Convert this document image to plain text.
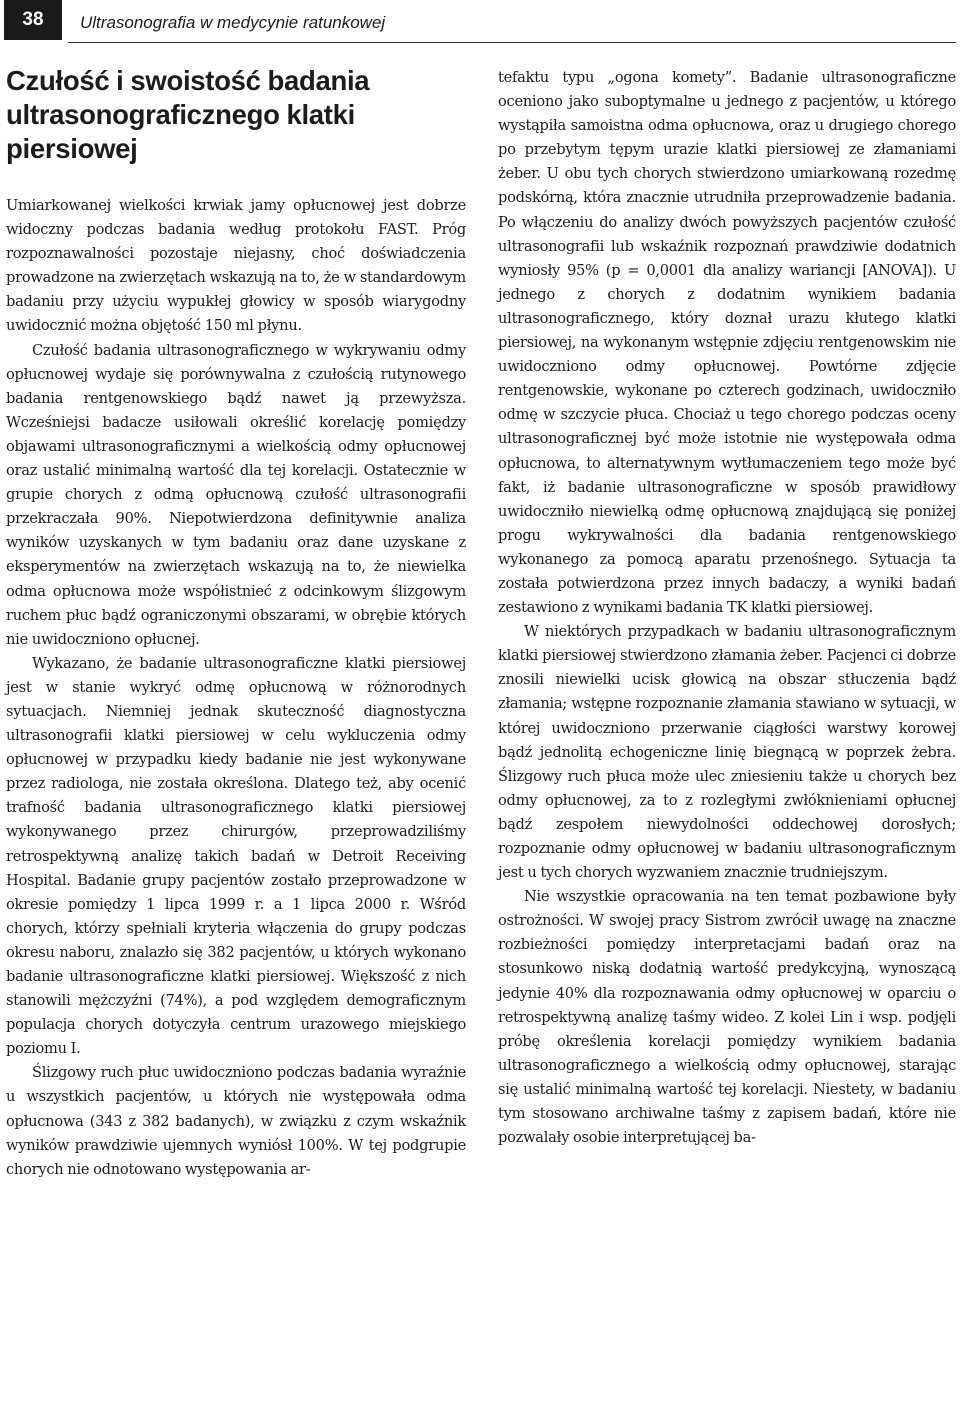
38 Ultrasonografia w medycynie ratunkowej
Czułość i swoistość badania ultrasonograficznego klatki piersiowej

Umiarkowanej wielkości krwiak jamy opłucnowej jest dobrze widoczny podczas badania według protokołu FAST. Próg rozpoznawalności pozostaje niejasny, choć doświadczenia prowadzone na zwierzętach wskazują na to, że w standardowym badaniu przy użyciu wypukłej głowicy w sposób wiarygodny uwidocznić można objętość 150 ml płynu.

Czułość badania ultrasonograficznego w wykrywaniu odmy opłucnowej wydaje się porównywalna z czułością rutynowego badania rentgenowskiego bądź nawet ją przewyższa. Wcześniejsi badacze usiłowali określić korelację pomiędzy objawami ultrasonograficznymi a wielkością odmy opłucnowej oraz ustalić minimalną wartość dla tej korelacji. Ostatecznie w grupie chorych z odmą opłucnową czułość ultrasonografii przekraczała 90%. Niepotwierdzona definitywnie analiza wyników uzyskanych w tym badaniu oraz dane uzyskane z eksperymentów na zwierzętach wskazują na to, że niewielka odma opłucnowa może współistnieć z odcinkowym ślizgowym ruchem płuc bądź ograniczonymi obszarami, w obrębie których nie uwidoczniono opłucnej.

Wykazano, że badanie ultrasonograficzne klatki piersiowej jest w stanie wykryć odmę opłucnową w różnorodnych sytuacjach. Niemniej jednak skuteczność diagnostyczna ultrasonografii klatki piersiowej w celu wykluczenia odmy opłucnowej w przypadku kiedy badanie nie jest wykonywane przez radiologa, nie została określona. Dlatego też, aby ocenić trafność badania ultrasonograficznego klatki piersiowej wykonywanego przez chirurgów, przeprowadziliśmy retrospektywną analizę takich badań w Detroit Receiving Hospital. Badanie grupy pacjentów zostało przeprowadzone w okresie pomiędzy 1 lipca 1999 r. a 1 lipca 2000 r. Wśród chorych, którzy spełniali kryteria włączenia do grupy podczas okresu naboru, znalazło się 382 pacjentów, u których wykonano badanie ultrasonograficzne klatki piersiowej. Większość z nich stanowili mężczyźni (74%), a pod względem demograficznym populacja chorych dotyczyła centrum urazowego miejskiego poziomu I.

Ślizgowy ruch płuc uwidoczniono podczas badania wyraźnie u wszystkich pacjentów, u których nie występowała odma opłucnowa (343 z 382 badanych), w związku z czym wskaźnik wyników prawdziwie ujemnych wyniósł 100%. W tej podgrupie chorych nie odnotowano występowania ar-

tefaktu typu „ogona komety”. Badanie ultrasonograficzne oceniono jako suboptymalne u jednego z pacjentów, u którego wystąpiła samoistna odma opłucnowa, oraz u drugiego chorego po przebytym tępym urazie klatki piersiowej ze złamaniami żeber. U obu tych chorych stwierdzono umiarkowaną rozedmę podskórną, która znacznie utrudniła przeprowadzenie badania. Po włączeniu do analizy dwóch powyższych pacjentów czułość ultrasonografii lub wskaźnik rozpoznań prawdziwie dodatnich wyniosły 95% (p = 0,0001 dla analizy wariancji [ANOVA]). U jednego z chorych z dodatnim wynikiem badania ultrasonograficznego, który doznał urazu kłutego klatki piersiowej, na wykonanym wstępnie zdjęciu rentgenowskim nie uwidoczniono odmy opłucnowej. Powtórne zdjęcie rentgenowskie, wykonane po czterech godzinach, uwidoczniło odmę w szczycie płuca. Chociaż u tego chorego podczas oceny ultrasonograficznej być może istotnie nie występowała odma opłucnowa, to alternatywnym wytłumaczeniem tego może być fakt, iż badanie ultrasonograficzne w sposób prawidłowy uwidoczniło niewielką odmę opłucnową znajdującą się poniżej progu wykrywalności dla badania rentgenowskiego wykonanego za pomocą aparatu przenośnego. Sytuacja ta została potwierdzona przez innych badaczy, a wyniki badań zestawiono z wynikami badania TK klatki piersiowej.

W niektórych przypadkach w badaniu ultrasonograficznym klatki piersiowej stwierdzono złamania żeber. Pacjenci ci dobrze znosili niewielki ucisk głowicą na obszar stłuczenia bądź złamania; wstępne rozpoznanie złamania stawiano w sytuacji, w której uwidoczniono przerwanie ciągłości warstwy korowej bądź jednolitą echogeniczne linię biegnącą w poprzek żebra. Ślizgowy ruch płuca może ulec zniesieniu także u chorych bez odmy opłucnowej, za to z rozległymi zwłóknieniami opłucnej bądź zespołem niewydolności oddechowej dorosłych; rozpoznanie odmy opłucnowej w badaniu ultrasonograficznym jest u tych chorych wyzwaniem znacznie trudniejszym.

Nie wszystkie opracowania na ten temat pozbawione były ostrożności. W swojej pracy Sistrom zwrócił uwagę na znaczne rozbieżności pomiędzy interpretacjami badań oraz na stosunkowo niską dodatnią wartość predykcyjną, wynoszącą jedynie 40% dla rozpoznawania odmy opłucnowej w oparciu o retrospektywną analizę taśmy wideo. Z kolei Lin i wsp. podjęli próbę określenia korelacji pomiędzy wynikiem badania ultrasonograficznego a wielkością odmy opłucnowej, starając się ustalić minimalną wartość tej korelacji. Niestety, w badaniu tym stosowano archiwalne taśmy z zapisem badań, które nie pozwalały osobie interpretującej ba-
